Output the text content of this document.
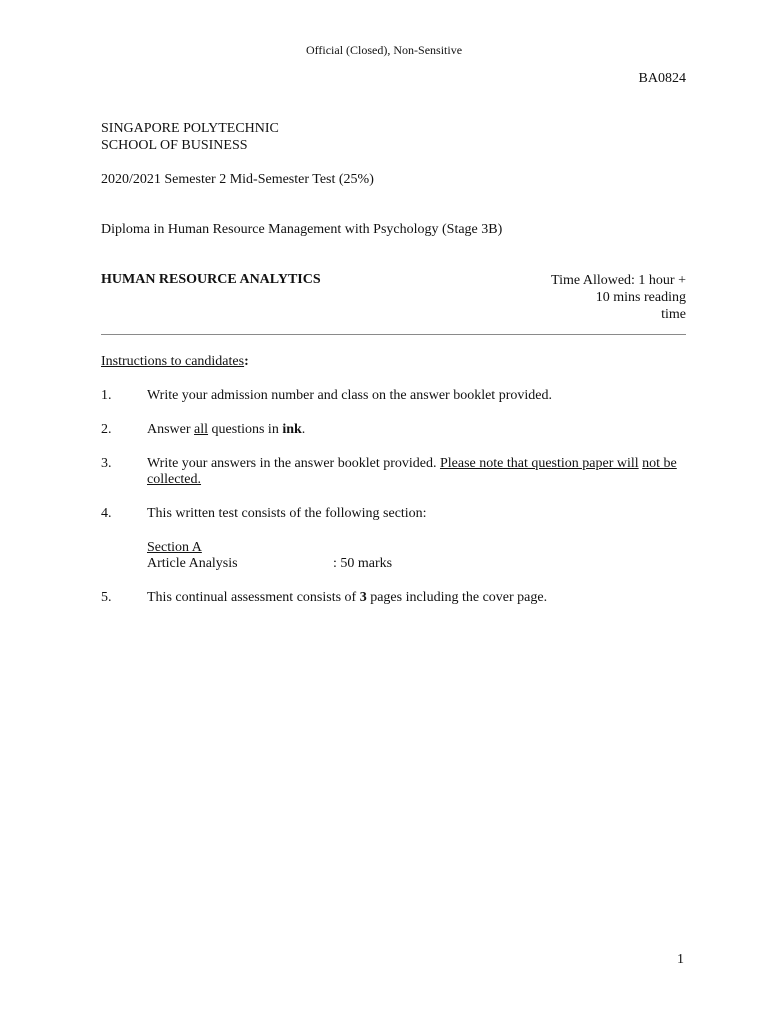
Official (Closed), Non-Sensitive
BA0824
SINGAPORE POLYTECHNIC
SCHOOL OF BUSINESS
2020/2021 Semester 2 Mid-Semester Test (25%)
Diploma in Human Resource Management with Psychology (Stage 3B)
HUMAN RESOURCE ANALYTICS	Time Allowed: 1 hour +
10 mins reading
time
Instructions to candidates:
1.	Write your admission number and class on the answer booklet provided.
2.	Answer all questions in ink.
3.	Write your answers in the answer booklet provided. Please note that question paper will not be collected.
4.	This written test consists of the following section:
Section A
Article Analysis	: 50 marks
5.	This continual assessment consists of 3 pages including the cover page.
1
